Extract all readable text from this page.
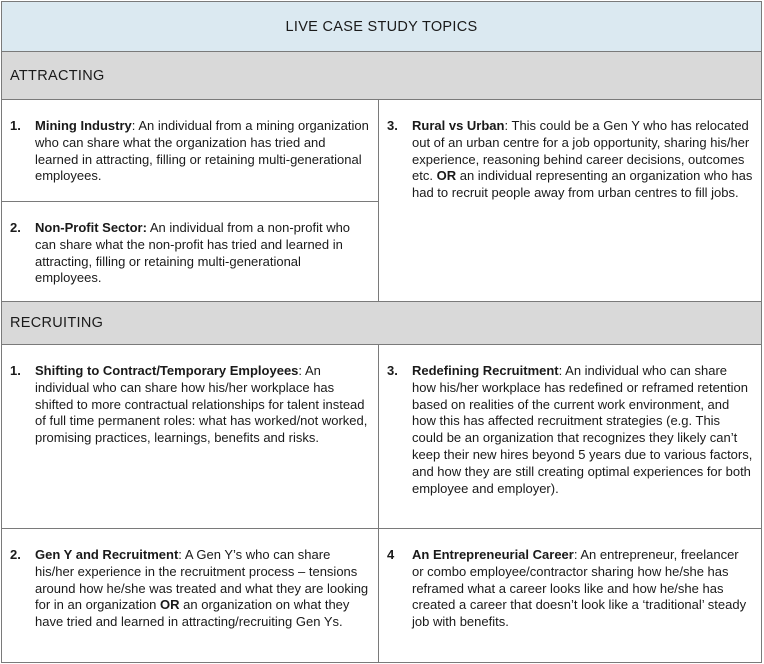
LIVE CASE STUDY TOPICS
ATTRACTING
1.	Mining Industry: An individual from a mining organization who can share what the organization has tried and learned in attracting, filling or retaining multi-generational employees.
2.	Non-Profit Sector: An individual from a non-profit who can share what the non-profit has tried and learned in attracting, filling or retaining multi-generational employees.
3.	Rural vs Urban: This could be a Gen Y who has relocated out of an urban centre for a job opportunity, sharing his/her experience, reasoning behind career decisions, outcomes etc. OR an individual representing an organization who has had to recruit people away from urban centres to fill jobs.
RECRUITING
1.	Shifting to Contract/Temporary Employees: An individual who can share how his/her workplace has shifted to more contractual relationships for talent instead of full time permanent roles: what has worked/not worked, promising practices, learnings, benefits and risks.
3.	Redefining Recruitment: An individual who can share how his/her workplace has redefined or reframed retention based on realities of the current work environment, and how this has affected recruitment strategies (e.g. This could be an organization that recognizes they likely can’t keep their new hires beyond 5 years due to various factors, and how they are still creating optimal experiences for both employee and employer).
2.	Gen Y and Recruitment: A Gen Y’s who can share his/her experience in the recruitment process – tensions around how he/she was treated and what they are looking for in an organization OR an organization on what they have tried and learned in attracting/recruiting Gen Ys.
4	An Entrepreneurial Career: An entrepreneur, freelancer or combo employee/contractor sharing how he/she has reframed what a career looks like and how he/she has created a career that doesn’t look like a ‘traditional’ steady job with benefits.
